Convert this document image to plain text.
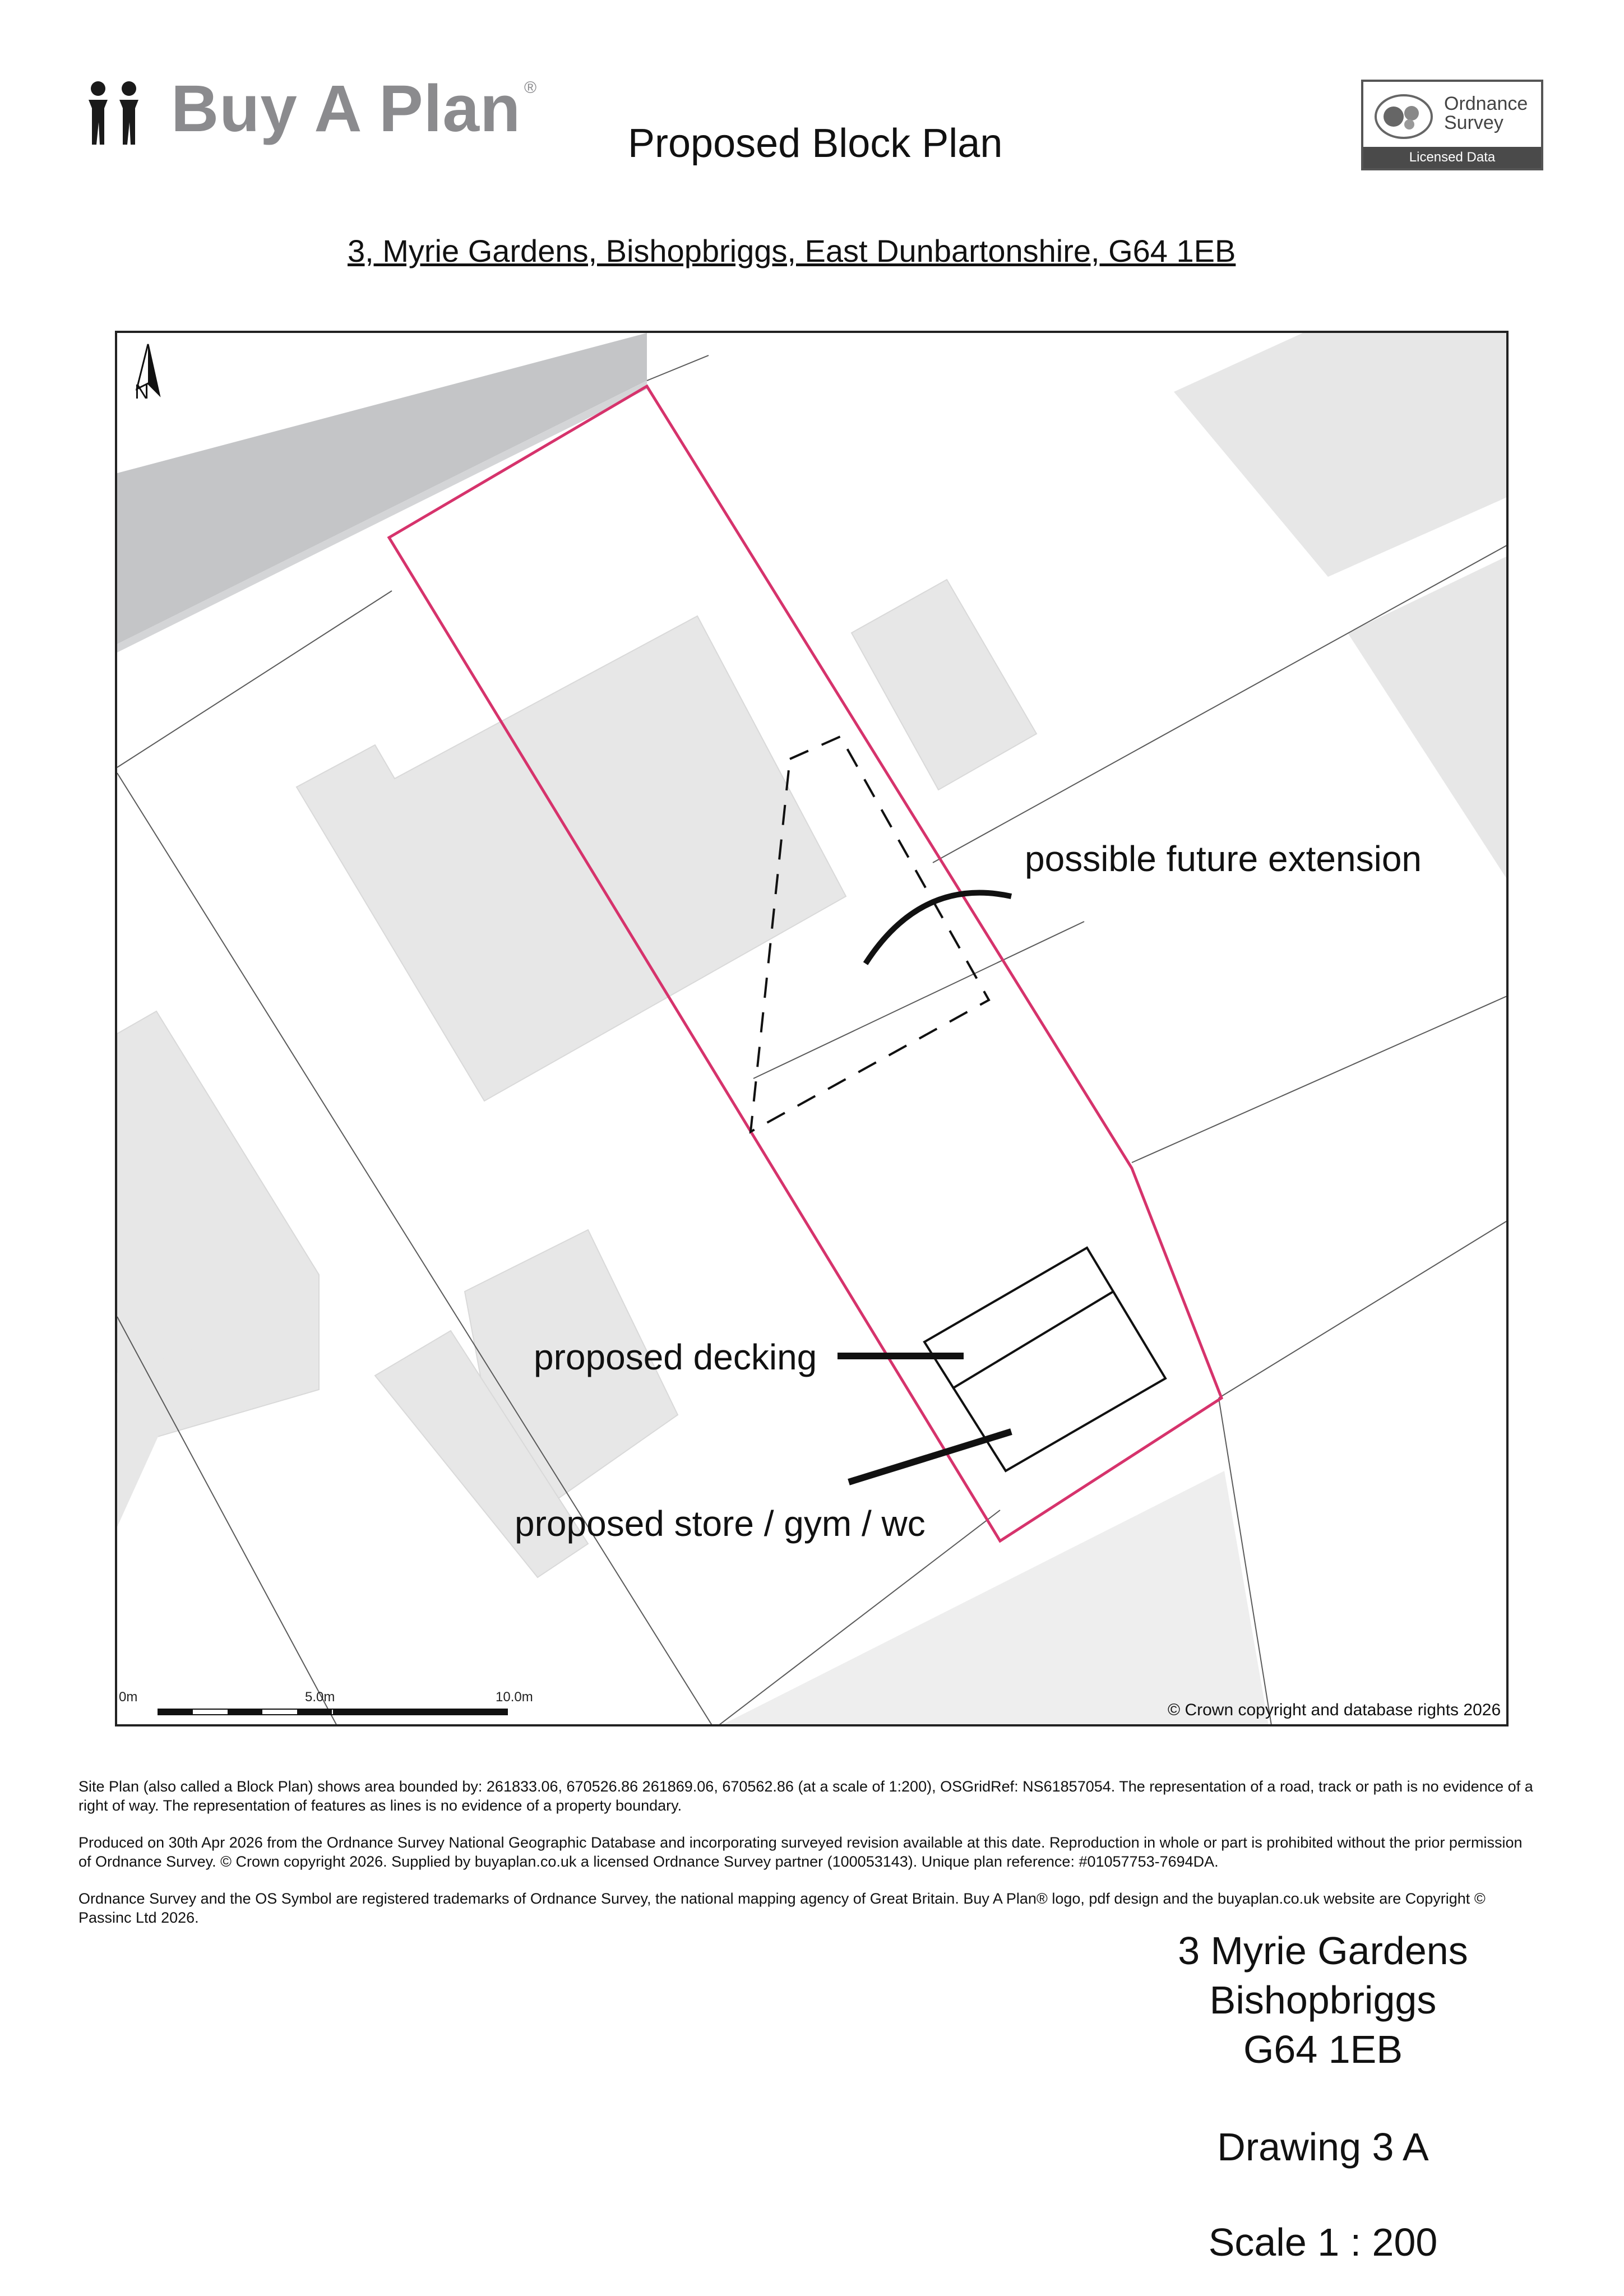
Buy A Plan ®
Proposed Block Plan
Ordnance
Survey
Licensed Data
3, Myrie Gardens, Bishopbriggs, East Dunbartonshire, G64 1EB
0m	5.0m	10.0m
N
possible future extension
proposed decking
proposed store / gym / wc
© Crown copyright and database rights 2026
Site Plan (also called a Block Plan) shows area bounded by: 261833.06, 670526.86 261869.06, 670562.86 (at a scale of 1:200), OSGridRef: NS61857054. The representation of a road, track or path is no evidence of a right of way. The representation of features as lines is no evidence of a property boundary.
Produced on 30th Apr 2026 from the Ordnance Survey National Geographic Database and incorporating surveyed revision available at this date. Reproduction in whole or part is prohibited without the prior permission of Ordnance Survey. © Crown copyright 2026. Supplied by buyaplan.co.uk a licensed Ordnance Survey partner (100053143). Unique plan reference: #01057753-7694DA.
Ordnance Survey and the OS Symbol are registered trademarks of Ordnance Survey, the national mapping agency of Great Britain. Buy A Plan® logo, pdf design and the buyaplan.co.uk website are Copyright © Passinc Ltd 2026.
3 Myrie Gardens
Bishopbriggs
G64 1EB
Drawing 3 A
Scale 1 : 200
